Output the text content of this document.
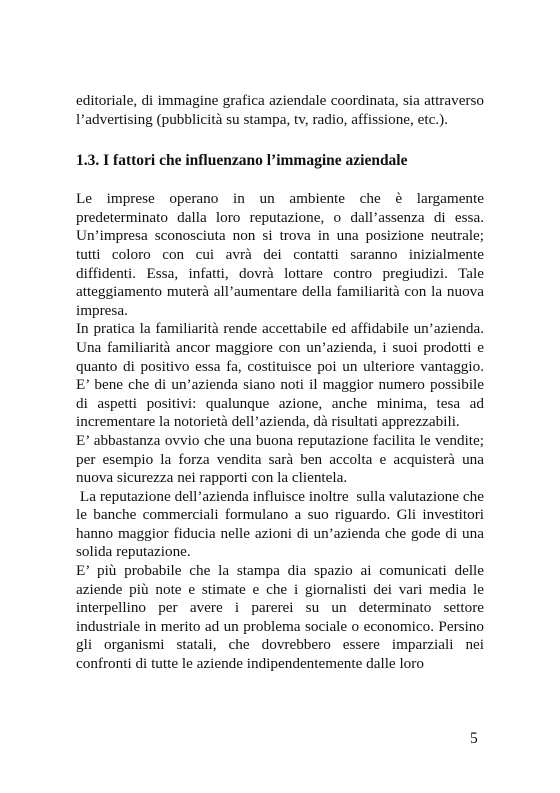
editoriale, di immagine grafica aziendale coordinata, sia attraverso l’advertising (pubblicità su stampa, tv, radio, affissione, etc.).

1.3. I fattori che influenzano l’immagine aziendale

Le imprese operano in un ambiente che è largamente predeterminato dalla loro reputazione, o dall’assenza di essa. Un’impresa sconosciuta non si trova in una posizione neutrale; tutti coloro con cui avrà dei contatti saranno inizialmente diffidenti. Essa, infatti, dovrà lottare contro pregiudizi. Tale atteggiamento muterà all’aumentare della familiarità con la nuova impresa.

In pratica la familiarità rende accettabile ed affidabile un’azienda. Una familiarità ancor maggiore con un’azienda, i suoi prodotti e quanto di positivo essa fa, costituisce poi un ulteriore vantaggio. E’ bene che di un’azienda siano noti il maggior numero possibile di aspetti positivi: qualunque azione, anche minima, tesa ad incrementare la notorietà dell’azienda, dà risultati apprezzabili.

E’ abbastanza ovvio che una buona reputazione facilita le vendite; per esempio la forza vendita sarà ben accolta e acquisterà una nuova sicurezza nei rapporti con la clientela.

La reputazione dell’azienda influisce inoltre  sulla valutazione che le banche commerciali formulano a suo riguardo. Gli investitori hanno maggior fiducia nelle azioni di un’azienda che gode di una solida reputazione.

E’ più probabile che la stampa dia spazio ai comunicati delle aziende più note e stimate e che i giornalisti dei vari media le interpellino per avere i parerei su un determinato settore industriale in merito ad un problema sociale o economico. Persino gli organismi statali, che dovrebbero essere imparziali nei confronti di tutte le aziende indipendentemente dalle loro

5
